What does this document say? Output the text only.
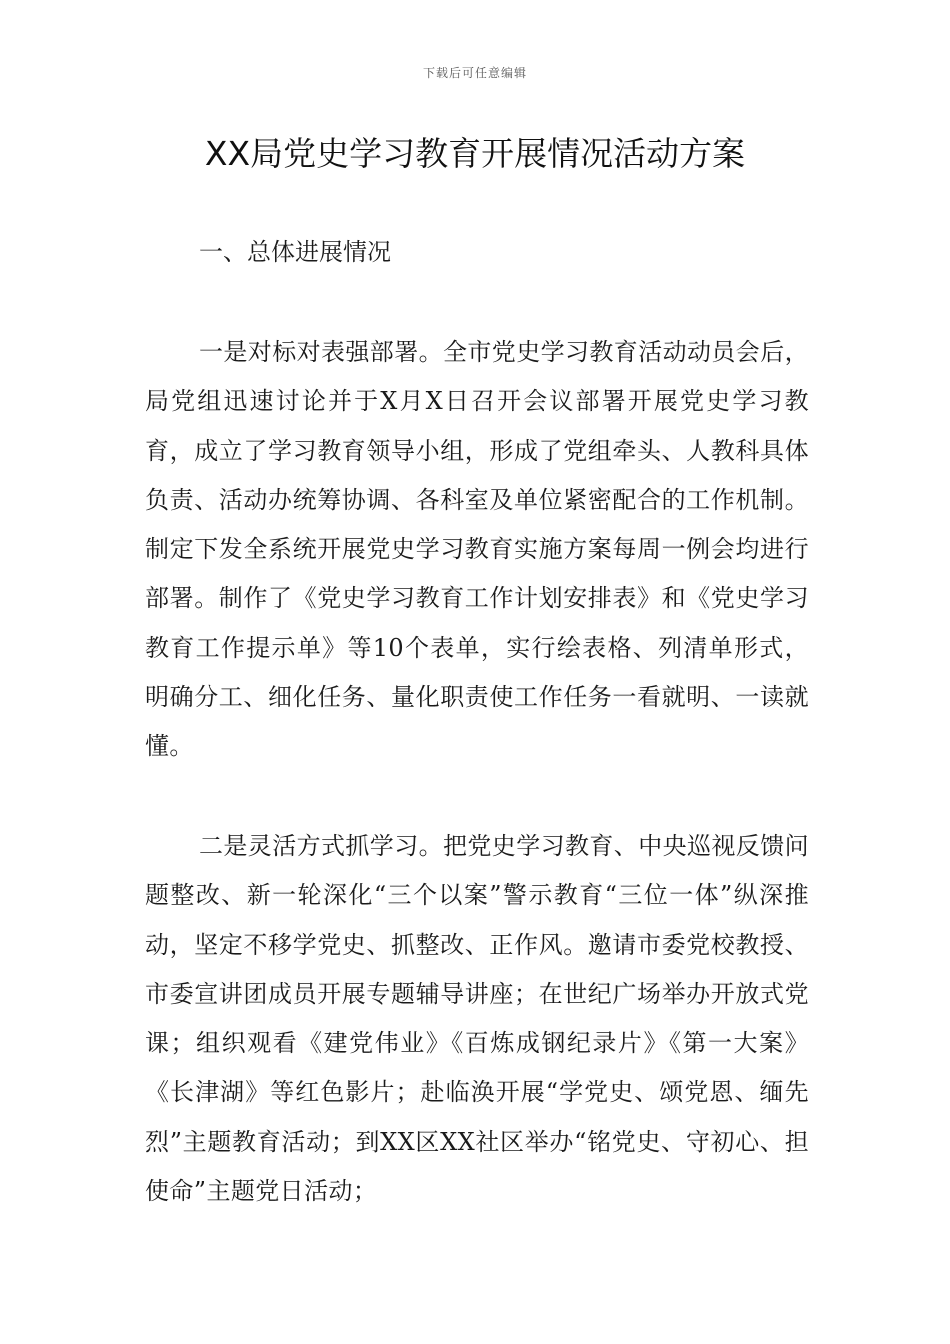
下载后可任意编辑
XX局党史学习教育开展情况活动方案
一、总体进展情况

一是对标对表强部署。全市党史学习教育活动动员会后，局党组迅速讨论并于X月X日召开会议部署开展党史学习教育，成立了学习教育领导小组，形成了党组牵头、人教科具体负责、活动办统筹协调、各科室及单位紧密配合的工作机制。制定下发全系统开展党史学习教育实施方案每周一例会均进行部署。制作了《党史学习教育工作计划安排表》和《党史学习教育工作提示单》等10个表单，实行绘表格、列清单形式，明确分工、细化任务、量化职责使工作任务一看就明、一读就懂。

二是灵活方式抓学习。把党史学习教育、中央巡视反馈问题整改、新一轮深化“三个以案”警示教育“三位一体”纵深推动，坚定不移学党史、抓整改、正作风。邀请市委党校教授、市委宣讲团成员开展专题辅导讲座；在世纪广场举办开放式党课；组织观看《建党伟业》《百炼成钢纪录片》《第一大案》《长津湖》等红色影片；赴临涣开展“学党史、颂党恩、缅先烈”主题教育活动；到XX区XX社区举办“铭党史、守初心、担使命”主题党日活动；
